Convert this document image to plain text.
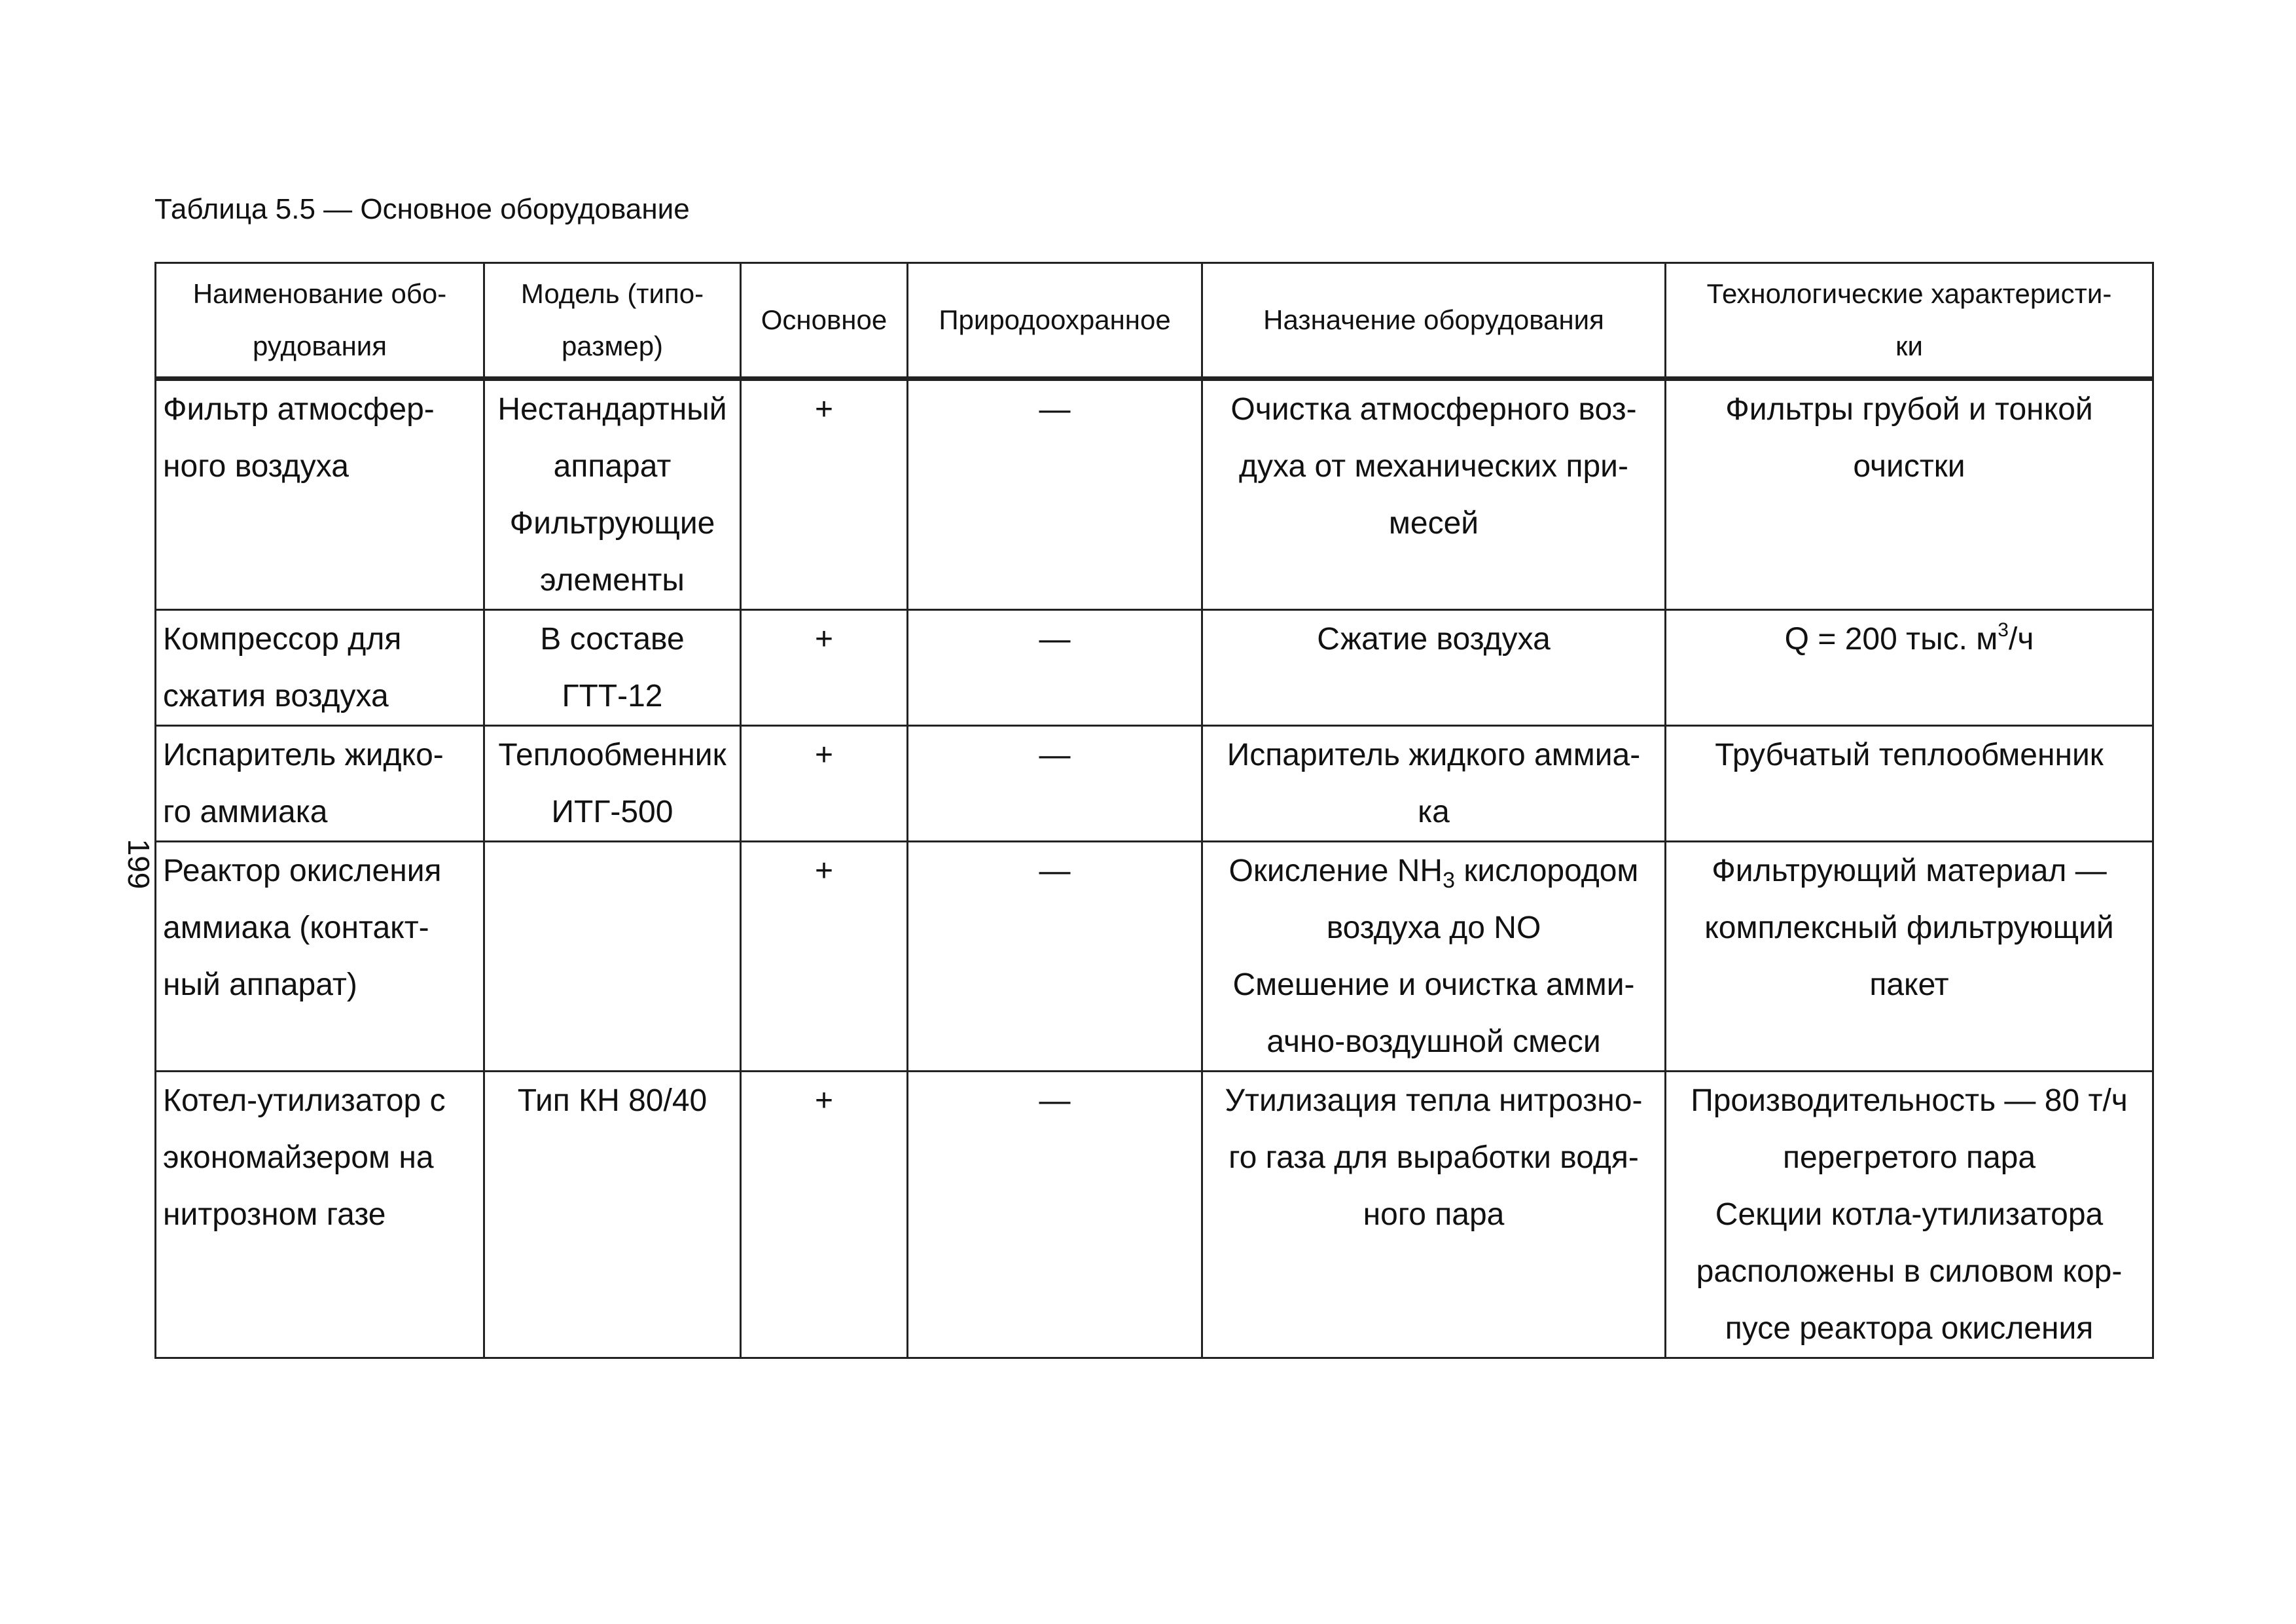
Таблица 5.5 — Основное оборудование
199
Наименование обо-
рудования	Модель (типо-
размер)	Основное	Природоохранное	Назначение оборудования	Технологические характеристи-
ки

Фильтр атмосфер-
ного воздуха	Нестандартный
аппарат
Фильтрующие
элементы	+	—	Очистка атмосферного воз-
духа от механических при-
месей	Фильтры грубой и тонкой
очистки

Компрессор для
сжатия воздуха	В составе
ГТТ-12	+	—	Сжатие воздуха	Q = 200 тыс. $м^3/ч$

Испаритель жидко-
го аммиака	Теплообменник
ИТГ-500	+	—	Испаритель жидкого аммиа-
ка	Трубчатый теплообменник

Реактор окисления
аммиака (контакт-
ный аппарат)		+	—	Окисление $NH_3$ кислородом
воздуха до NO
Смешение и очистка амми-
ачно-воздушной смеси	Фильтрующий материал —
комплексный фильтрующий
пакет

Котел-утилизатор с
экономайзером на
нитрозном газе	Тип КН 80/40	+	—	Утилизация тепла нитрозно-
го газа для выработки водя-
ного пара	Производительность — 80 т/ч
перегретого пара
Секции котла-утилизатора
расположены в силовом кор-
пусе реактора окисления
